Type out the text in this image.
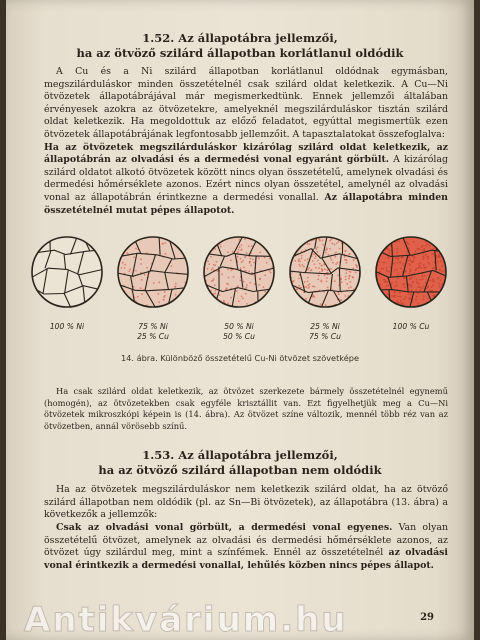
1.52. Az állapotábra jellemzői,
ha az ötvöző szilárd állapotban korlátlanul oldódik

A Cu és a Ni szilárd állapotban korlátlanul oldódnak egymásban, megszilárduláskor minden összetételnél csak szilárd oldat keletkezik. A Cu—Ni ötvözetek állapotábrájával már megismerkedtünk. Ennek jellemzői általában érvényesek azokra az ötvözetekre, amelyeknél megszilárduláskor tisztán szilárd oldat keletkezik. Ha megoldottuk az előző feladatot, egyúttal megismertük ezen ötvözetek állapotábrájának legfontosabb jellemzőit. A tapasztalatokat összefoglalva:
Ha az ötvözetek megszilárduláskor kizárólag szilárd oldat keletkezik, az állapotábrán az olvadási és a dermedési vonal egyaránt görbült. A kizárólag szilárd oldatot alkotó ötvözetek között nincs olyan összetételű, amelynek olvadási és dermedési hőmérséklete azonos. Ezért nincs olyan összetétel, amelynél az olvadási vonal az állapotábrán érintkezne a dermedési vonallal. Az állapotábra minden összetételnél mutat pépes állapotot.

100 % Ni	75 % Ni
25 % Cu
50 % Ni
50 % Cu
25 % Ni
75 % Cu
100 % Cu
14. ábra. Különböző összetételű Cu-Ni ötvözet szövetképe

Ha csak szilárd oldat keletkezik, az ötvözet szerkezete bármely összetételnél egynemű (homogén), az ötvözetekben csak egyféle krisztállit van. Ezt figyelhetjük meg a Cu—Ni ötvözetek mikroszkópi képein is (14. ábra). Az ötvözet színe változik, mennél több réz van az ötvözetben, annál vörösebb színű.

1.53. Az állapotábra jellemzői,
ha az ötvöző szilárd állapotban nem oldódik

Ha az ötvözetek megszilárduláskor nem keletkezik szilárd oldat, ha az ötvöző szilárd állapotban nem oldódik (pl. az Sn—Bi ötvözetek), az állapotábra (13. ábra) a következők a jellemzők:

Csak az olvadási vonal görbült, a dermedési vonal egyenes. Van olyan összetételű ötvözet, amelynek az olvadási és dermedési hőmérséklete azonos, az ötvözet úgy szilárdul meg, mint a színfémek. Ennél az összetételnél az olvadási vonal érintkezik a dermedési vonallal, lehűlés közben nincs pépes állapot.

29
Antikvárium.hu
